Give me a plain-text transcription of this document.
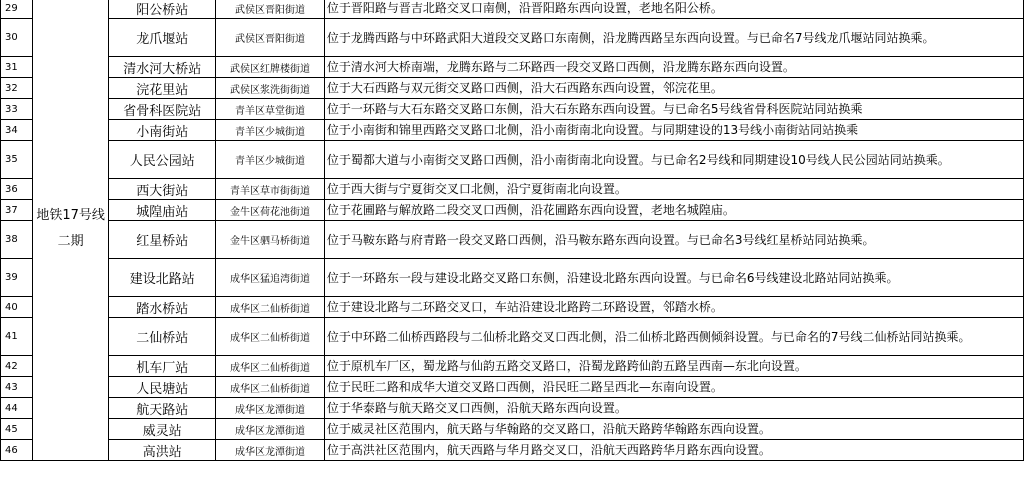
29	地铁17号线二期	阳公桥站	武侯区晋阳街道	位于晋阳路与晋吉北路交叉口南侧，沿晋阳路东西向设置，老地名阳公桥。
30		龙爪堰站	武侯区晋阳街道	位于龙腾西路与中环路武阳大道段交叉路口东南侧，沿龙腾西路呈东西向设置。与已命名7号线龙爪堰站同站换乘。
31		清水河大桥站	武侯区红牌楼街道	位于清水河大桥南端，龙腾东路与二环路西一段交叉路口西侧，沿龙腾东路东西向设置。
32		浣花里站	武侯区浆洗街街道	位于大石西路与双元街交叉路口西侧，沿大石西路东西向设置，邻浣花里。
33		省骨科医院站	青羊区草堂街道	位于一环路与大石东路交叉路口东侧，沿大石东路东西向设置。与已命名5号线省骨科医院站同站换乘
34		小南街站	青羊区少城街道	位于小南街和锦里西路交叉路口北侧，沿小南街南北向设置。与同期建设的13号线小南街站同站换乘
35		人民公园站	青羊区少城街道	位于蜀都大道与小南街交叉路口西侧，沿小南街南北向设置。与已命名2号线和同期建设10号线人民公园站同站换乘。
36		西大街站	青羊区草市街街道	位于西大街与宁夏街交叉口北侧，沿宁夏街南北向设置。
37		城隍庙站	金牛区荷花池街道	位于花圃路与解放路二段交叉口西侧，沿花圃路东西向设置，老地名城隍庙。
38		红星桥站	金牛区驷马桥街道	位于马鞍东路与府青路一段交叉路口西侧，沿马鞍东路东西向设置。与已命名3号线红星桥站同站换乘。
39		建设北路站	成华区猛追湾街道	位于一环路东一段与建设北路交叉路口东侧，沿建设北路东西向设置。与已命名6号线建设北路站同站换乘。
40		踏水桥站	成华区二仙桥街道	位于建设北路与二环路交叉口，车站沿建设北路跨二环路设置，邻踏水桥。
41		二仙桥站	成华区二仙桥街道	位于中环路二仙桥西路段与二仙桥北路交叉口西北侧，沿二仙桥北路西侧倾斜设置。与已命名的7号线二仙桥站同站换乘。
42		机车厂站	成华区二仙桥街道	位于原机车厂区，蜀龙路与仙韵五路交叉路口，沿蜀龙路跨仙韵五路呈西南—东北向设置。
43		人民塘站	成华区二仙桥街道	位于民旺二路和成华大道交叉路口西侧，沿民旺二路呈西北—东南向设置。
44		航天路站	成华区龙潭街道	位于华泰路与航天路交叉口西侧，沿航天路东西向设置。
45		威灵站	成华区龙潭街道	位于威灵社区范围内，航天路与华翰路的交叉路口，沿航天路跨华翰路东西向设置。
46		高洪站	成华区龙潭街道	位于高洪社区范围内，航天西路与华月路交叉口，沿航天西路跨华月路东西向设置。
